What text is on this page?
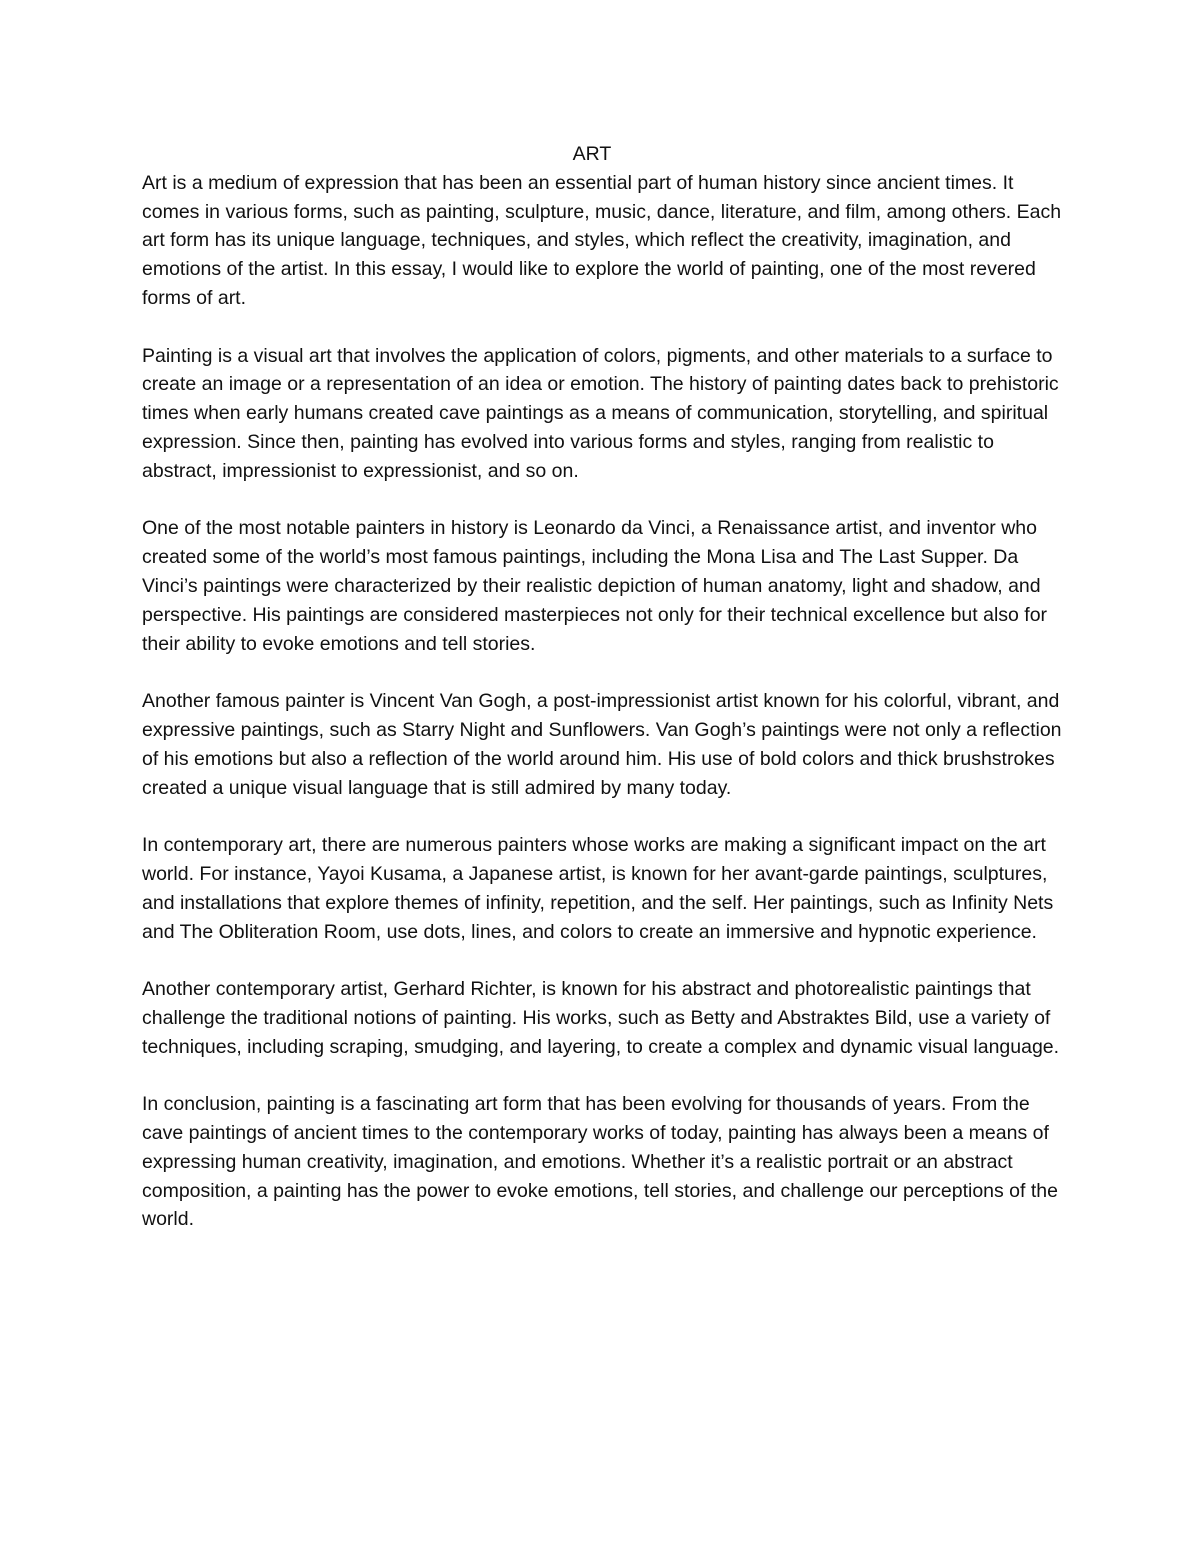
ART

Art is a medium of expression that has been an essential part of human history since ancient times. It comes in various forms, such as painting, sculpture, music, dance, literature, and film, among others. Each art form has its unique language, techniques, and styles, which reflect the creativity, imagination, and emotions of the artist. In this essay, I would like to explore the world of painting, one of the most revered forms of art.

Painting is a visual art that involves the application of colors, pigments, and other materials to a surface to create an image or a representation of an idea or emotion. The history of painting dates back to prehistoric times when early humans created cave paintings as a means of communication, storytelling, and spiritual expression. Since then, painting has evolved into various forms and styles, ranging from realistic to abstract, impressionist to expressionist, and so on.

One of the most notable painters in history is Leonardo da Vinci, a Renaissance artist, and inventor who created some of the world’s most famous paintings, including the Mona Lisa and The Last Supper. Da Vinci’s paintings were characterized by their realistic depiction of human anatomy, light and shadow, and perspective. His paintings are considered masterpieces not only for their technical excellence but also for their ability to evoke emotions and tell stories.

Another famous painter is Vincent Van Gogh, a post-impressionist artist known for his colorful, vibrant, and expressive paintings, such as Starry Night and Sunflowers. Van Gogh’s paintings were not only a reflection of his emotions but also a reflection of the world around him. His use of bold colors and thick brushstrokes created a unique visual language that is still admired by many today.

In contemporary art, there are numerous painters whose works are making a significant impact on the art world. For instance, Yayoi Kusama, a Japanese artist, is known for her avant-garde paintings, sculptures, and installations that explore themes of infinity, repetition, and the self. Her paintings, such as Infinity Nets and The Obliteration Room, use dots, lines, and colors to create an immersive and hypnotic experience.

Another contemporary artist, Gerhard Richter, is known for his abstract and photorealistic paintings that challenge the traditional notions of painting. His works, such as Betty and Abstraktes Bild, use a variety of techniques, including scraping, smudging, and layering, to create a complex and dynamic visual language.

In conclusion, painting is a fascinating art form that has been evolving for thousands of years. From the cave paintings of ancient times to the contemporary works of today, painting has always been a means of expressing human creativity, imagination, and emotions. Whether it’s a realistic portrait or an abstract composition, a painting has the power to evoke emotions, tell stories, and challenge our perceptions of the world.
